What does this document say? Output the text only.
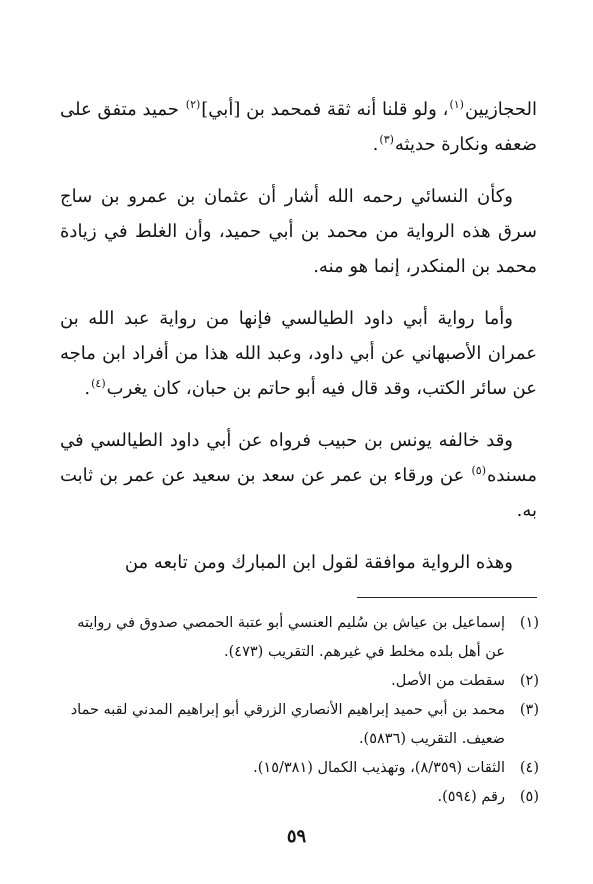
الحجازيين$^{(١)}$، ولو قلنا أنه ثقة فمحمد بن [أبي]$^{(٢)}$ حميد متفق على ضعفه ونكارة حديثه$^{(٣)}$.

وكأن النسائي رحمه الله أشار أن عثمان بن عمرو بن ساج سرق هذه الرواية من محمد بن أبي حميد، وأن الغلط في زيادة محمد بن المنكدر، إنما هو منه.

وأما رواية أبي داود الطيالسي فإنها من رواية عبد الله بن عمران الأصبهاني عن أبي داود، وعبد الله هذا من أفراد ابن ماجه عن سائر الكتب، وقد قال فيه أبو حاتم بن حبان، كان يغرب$^{(٤)}$.

وقد خالفه يونس بن حبيب فرواه عن أبي داود الطيالسي في مسنده$^{(٥)}$ عن ورقاء بن عمر عن سعد بن سعيد عن عمر بن ثابت به.

وهذه الرواية موافقة لقول ابن المبارك ومن تابعه من

(١)
إسماعيل بن عياش بن سُليم العنسي أبو عتبة الحمصي صدوق في روايته عن أهل بلده مخلط في غيرهم. التقريب (٤٧٣).
(٢)
سقطت من الأصل.
(٣)
محمد بن أبي حميد إبراهيم الأنصاري الزرقي أبو إبراهيم المدني لقبه حماد ضعيف. التقريب (٥٨٣٦).
(٤)
الثقات (٨/٣٥٩)، وتهذيب الكمال (١٥/٣٨١).
(٥)
رقم (٥٩٤).
٥٩
